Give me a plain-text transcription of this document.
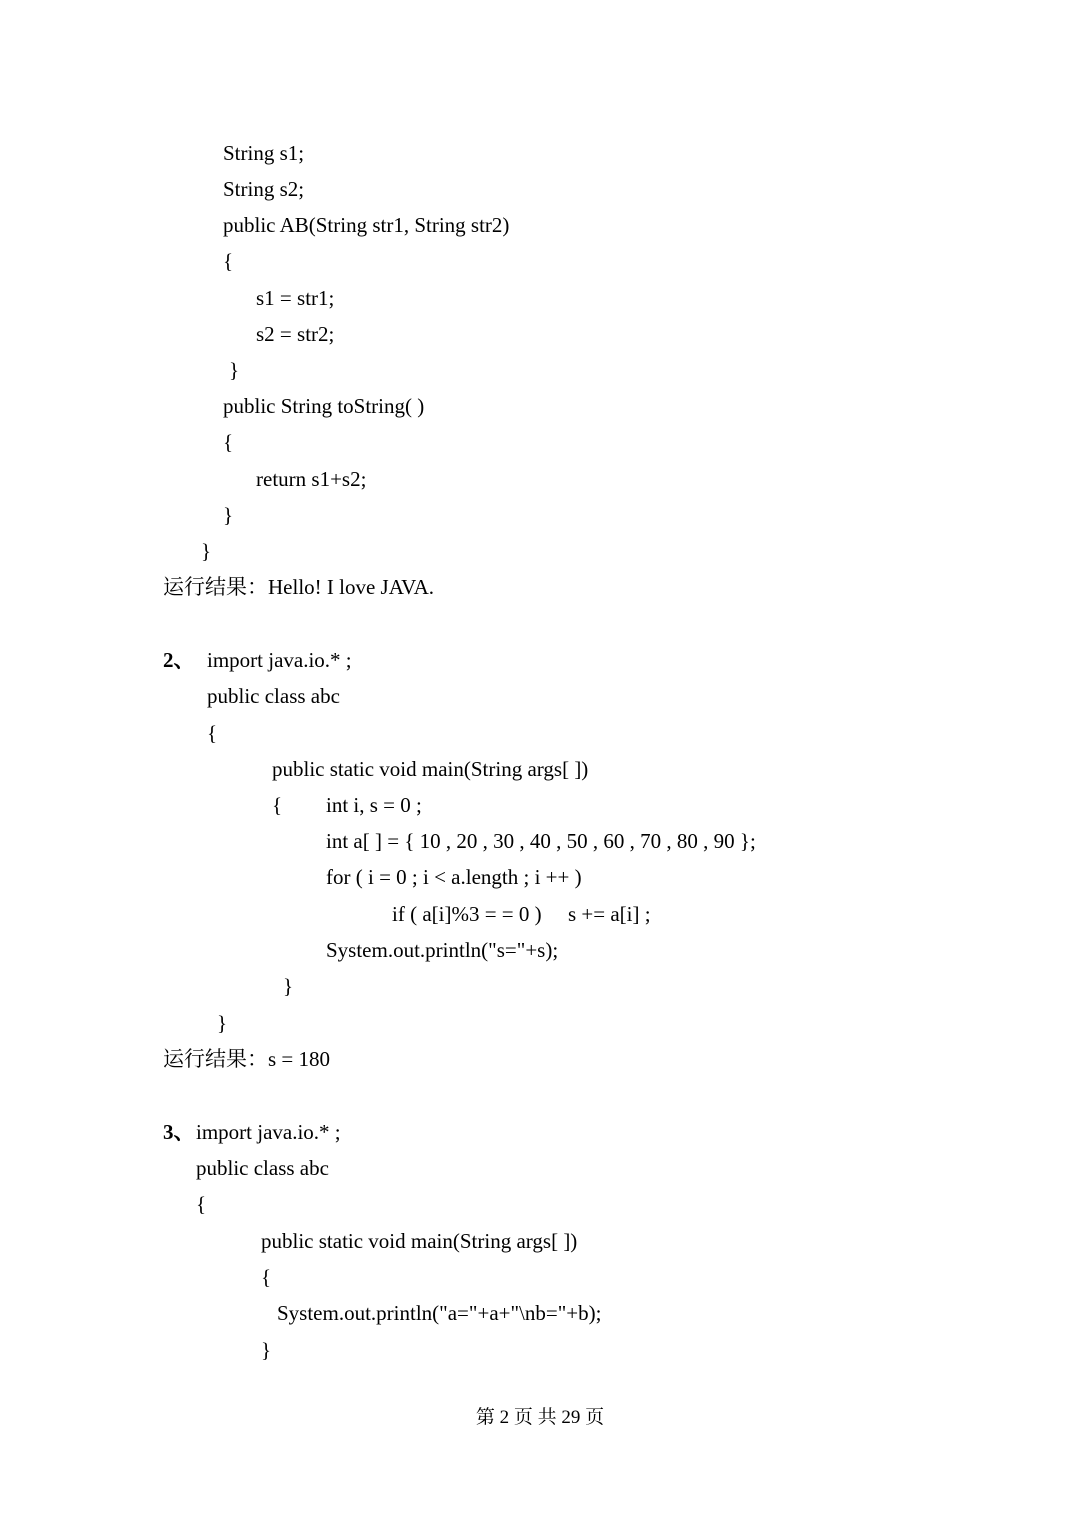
String s1;
String s2;
public AB(String str1, String str2)
{
s1 = str1;
s2 = str2;
}
public String toString( )
{
return s1+s2;
}
}
运行结果：Hello! I love JAVA.
2、 import java.io.* ;
public class abc
{
public static void main(String args[ ])
{ int i, s = 0 ;
int a[ ] = { 10 , 20 , 30 , 40 , 50 , 60 , 70 , 80 , 90 };
for ( i = 0 ; i < a.length ; i ++ )
if ( a[i]%3 = = 0 ) s += a[i] ;
System.out.println("s="+s);
}
}
运行结果：s = 180
3、 import java.io.* ;
public class abc
{
public static void main(String args[ ])
{
System.out.println("a="+a+"\nb="+b);
}
第 2 页 共 29 页
